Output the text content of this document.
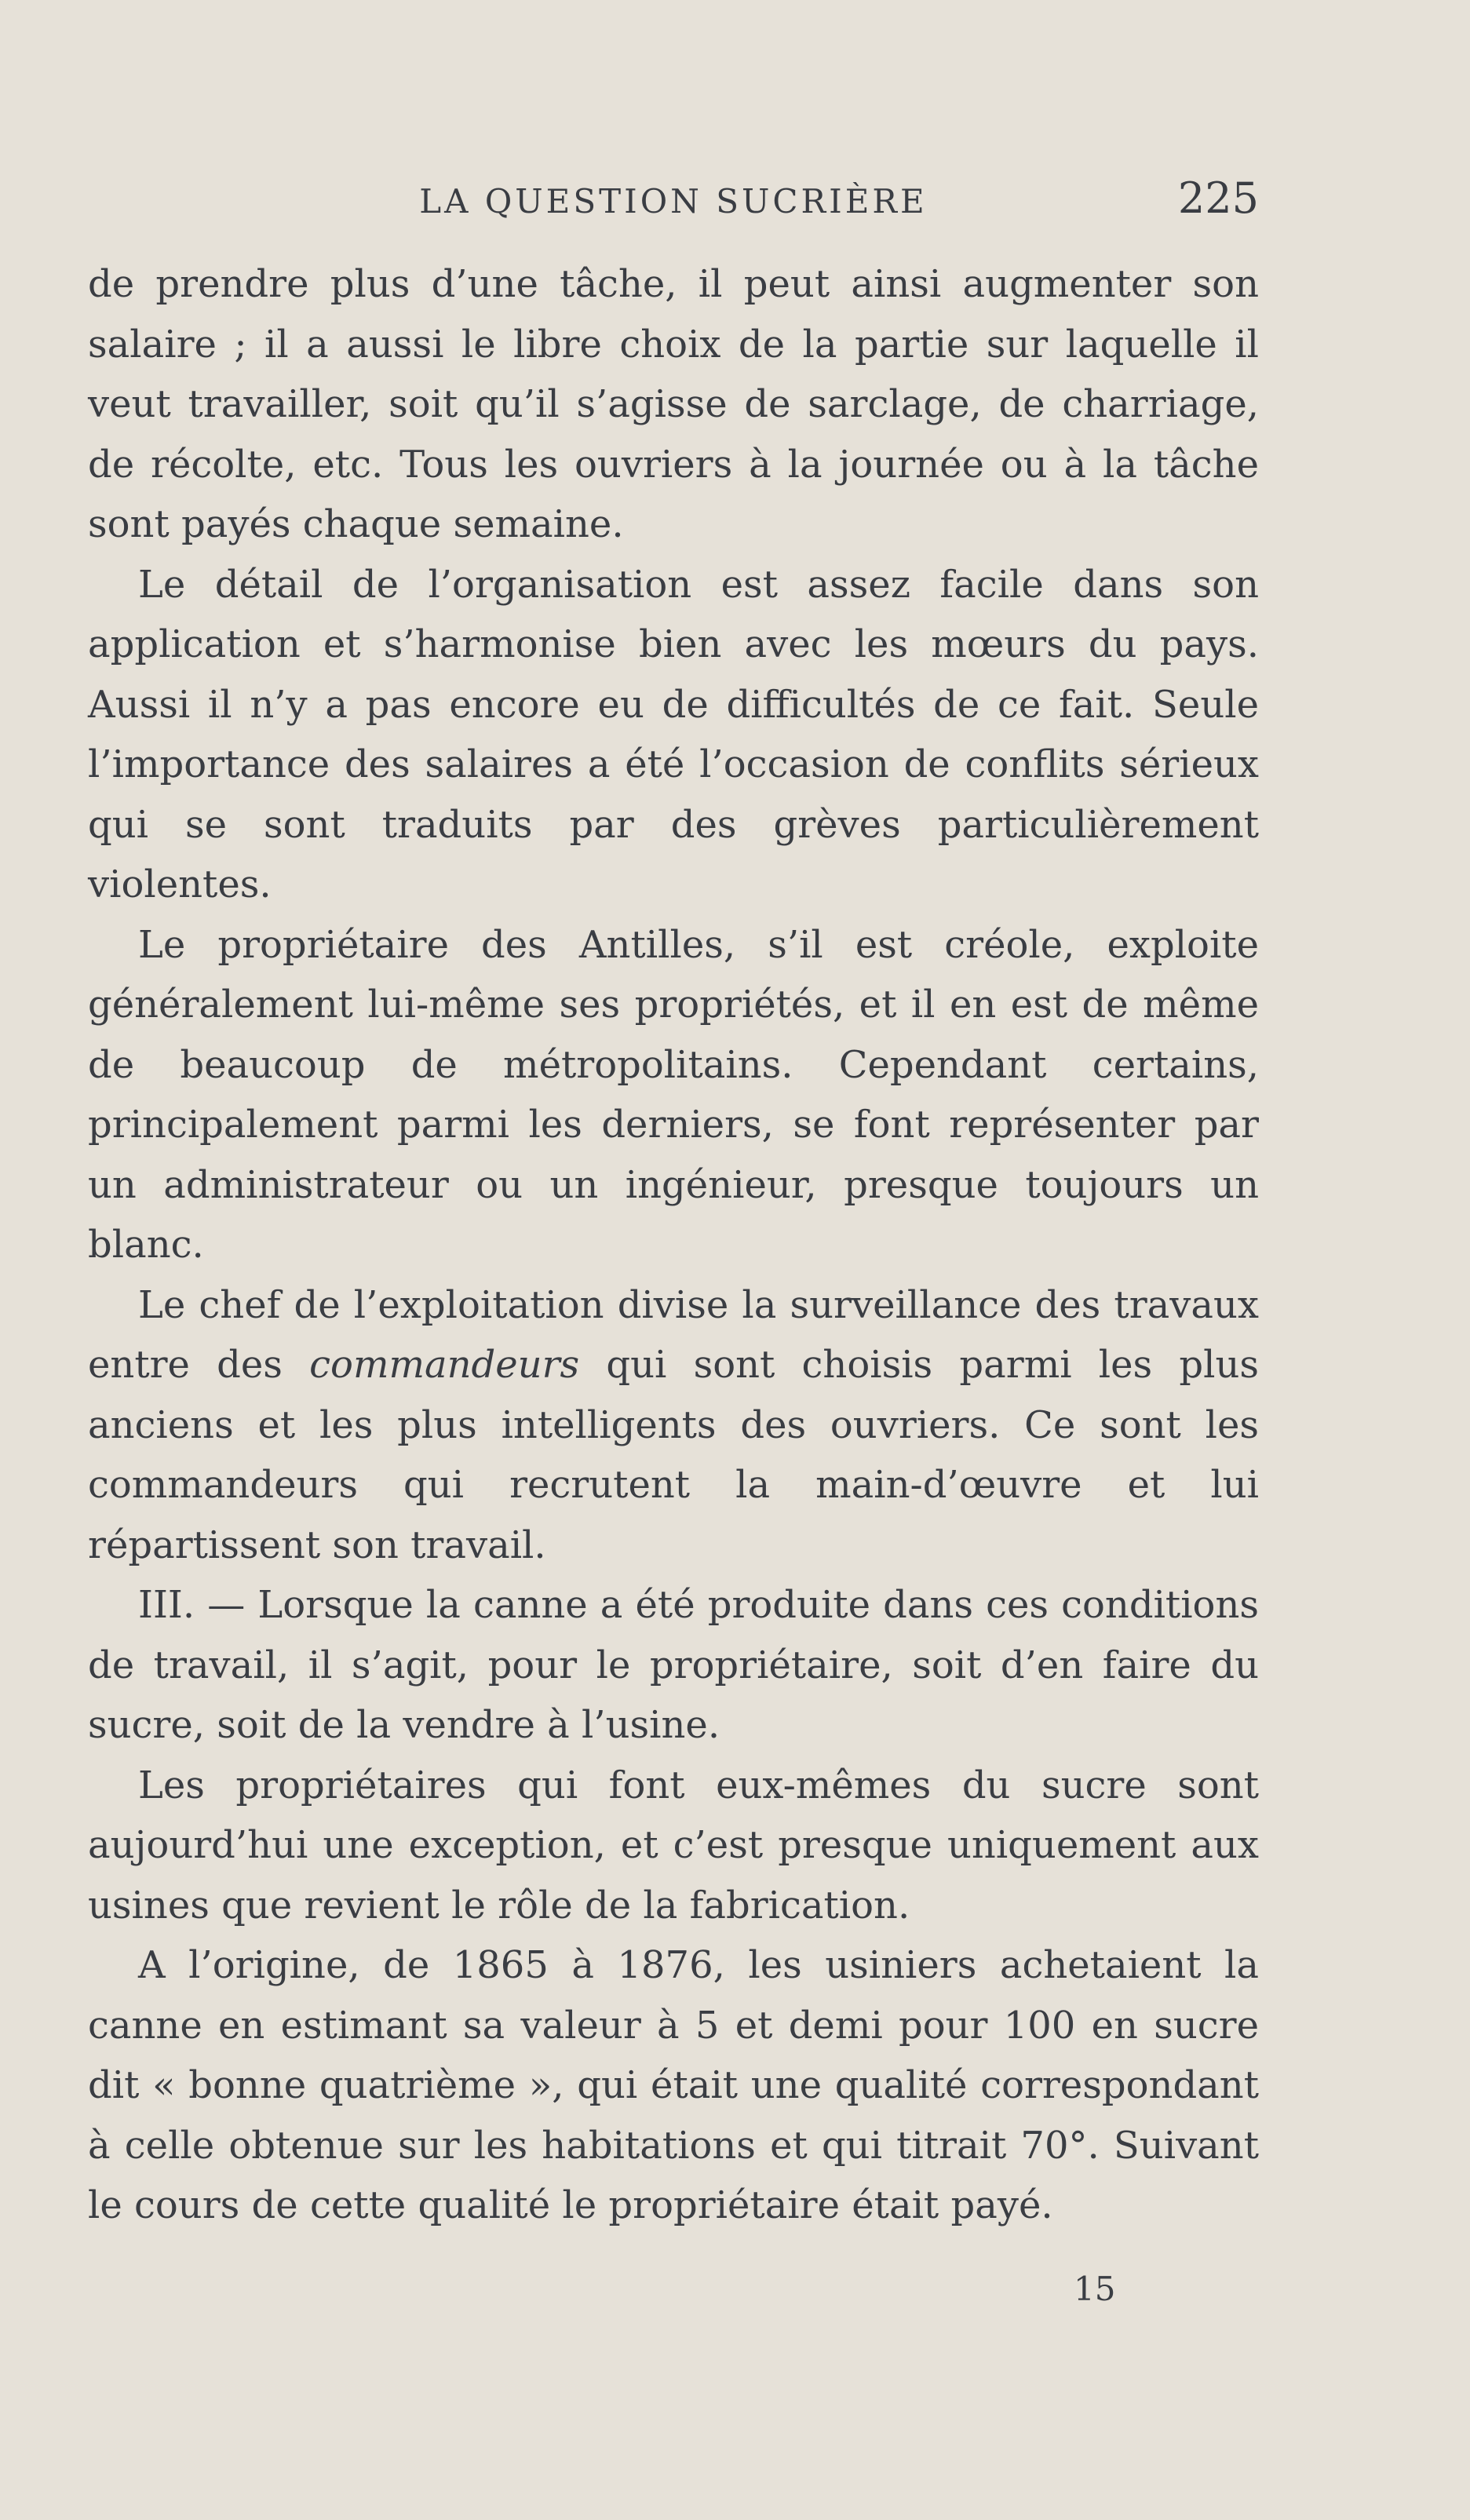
LA QUESTION SUCRIÈRE	225

de prendre plus d’une tâche, il peut ainsi augmenter son salaire ; il a aussi le libre choix de la partie sur laquelle il veut travailler, soit qu’il s’agisse de sarclage, de charriage, de récolte, etc. Tous les ouvriers à la journée ou à la tâche sont payés chaque semaine.

Le détail de l’organisation est assez facile dans son application et s’harmonise bien avec les mœurs du pays. Aussi il n’y a pas encore eu de difficultés de ce fait. Seule l’importance des salaires a été l’occasion de conflits sérieux qui se sont traduits par des grèves particulièrement violentes.

Le propriétaire des Antilles, s’il est créole, exploite généralement lui-même ses propriétés, et il en est de même de beaucoup de métropolitains. Cependant certains, principalement parmi les derniers, se font représenter par un administrateur ou un ingénieur, presque toujours un blanc.

Le chef de l’exploitation divise la surveillance des travaux entre des commandeurs qui sont choisis parmi les plus anciens et les plus intelligents des ouvriers. Ce sont les commandeurs qui recrutent la main-d’œuvre et lui répartissent son travail.

III. — Lorsque la canne a été produite dans ces conditions de travail, il s’agit, pour le propriétaire, soit d’en faire du sucre, soit de la vendre à l’usine.

Les propriétaires qui font eux-mêmes du sucre sont aujourd’hui une exception, et c’est presque uniquement aux usines que revient le rôle de la fabrication.

A l’origine, de 1865 à 1876, les usiniers achetaient la canne en estimant sa valeur à 5 et demi pour 100 en sucre dit « bonne quatrième », qui était une qualité correspondant à celle obtenue sur les habitations et qui titrait 70°. Suivant le cours de cette qualité le propriétaire était payé.

15
